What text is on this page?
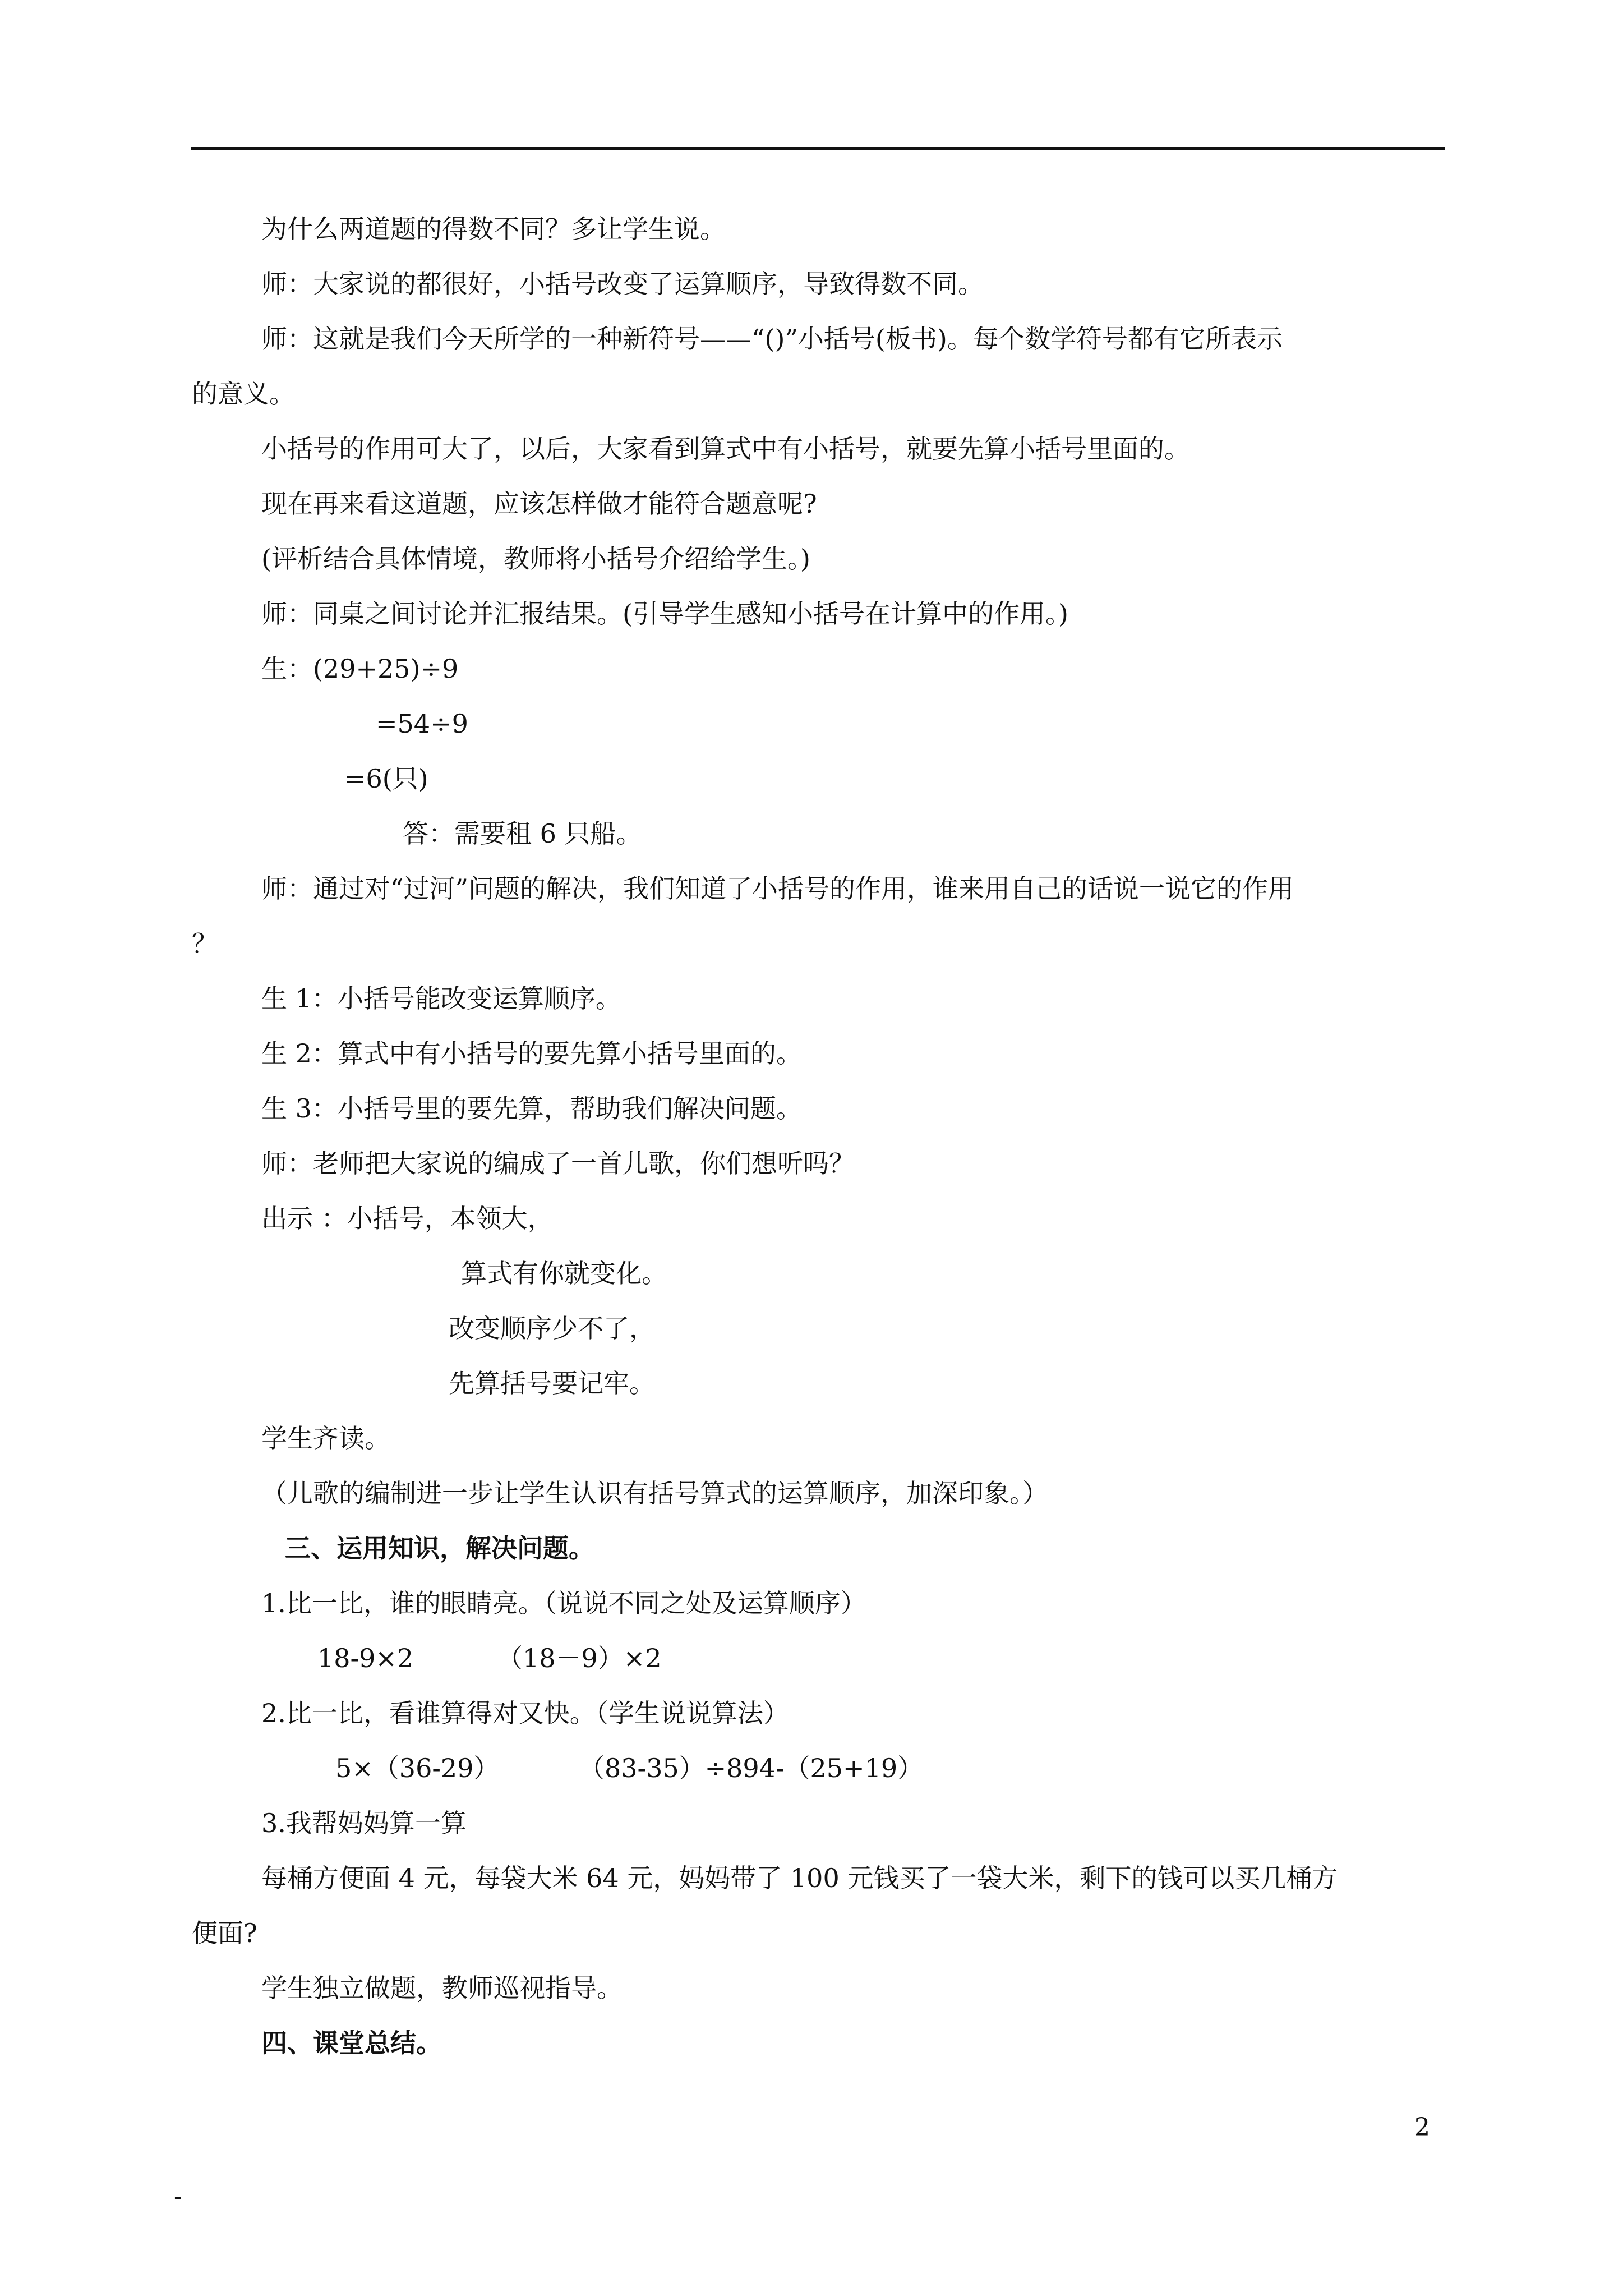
为什么两道题的得数不同？多让学生说。
师：大家说的都很好，小括号改变了运算顺序，导致得数不同。
师：这就是我们今天所学的一种新符号——“()”小括号(板书)。每个数学符号都有它所表示
的意义。
小括号的作用可大了，以后，大家看到算式中有小括号，就要先算小括号里面的。
现在再来看这道题，应该怎样做才能符合题意呢?
(评析结合具体情境，教师将小括号介绍给学生。)
师：同桌之间讨论并汇报结果。(引导学生感知小括号在计算中的作用。)
生：(29+25)÷9
=54÷9
=6(只)
答：需要租 6 只船。
师：通过对“过河”问题的解决，我们知道了小括号的作用，谁来用自己的话说一说它的作用
？
生 1：小括号能改变运算顺序。
生 2：算式中有小括号的要先算小括号里面的。
生 3：小括号里的要先算，帮助我们解决问题。
师：老师把大家说的编成了一首儿歌，你们想听吗？
出示 ：小括号，本领大，
算式有你就变化。
改变顺序少不了，
先算括号要记牢。
学生齐读。
（儿歌的编制进一步让学生认识有括号算式的运算顺序，加深印象。）
三、运用知识，解决问题。
1.比一比，谁的眼睛亮。（说说不同之处及运算顺序）
18-9×2	（18－9）×2
2.比一比，看谁算得对又快。（学生说说算法）
5×（36-29）	（83-35）÷894-（25+19）
3.我帮妈妈算一算
每桶方便面 4 元，每袋大米 64 元，妈妈带了 100 元钱买了一袋大米，剩下的钱可以买几桶方
便面?
学生独立做题，教师巡视指导。
四、课堂总结。
2
-
